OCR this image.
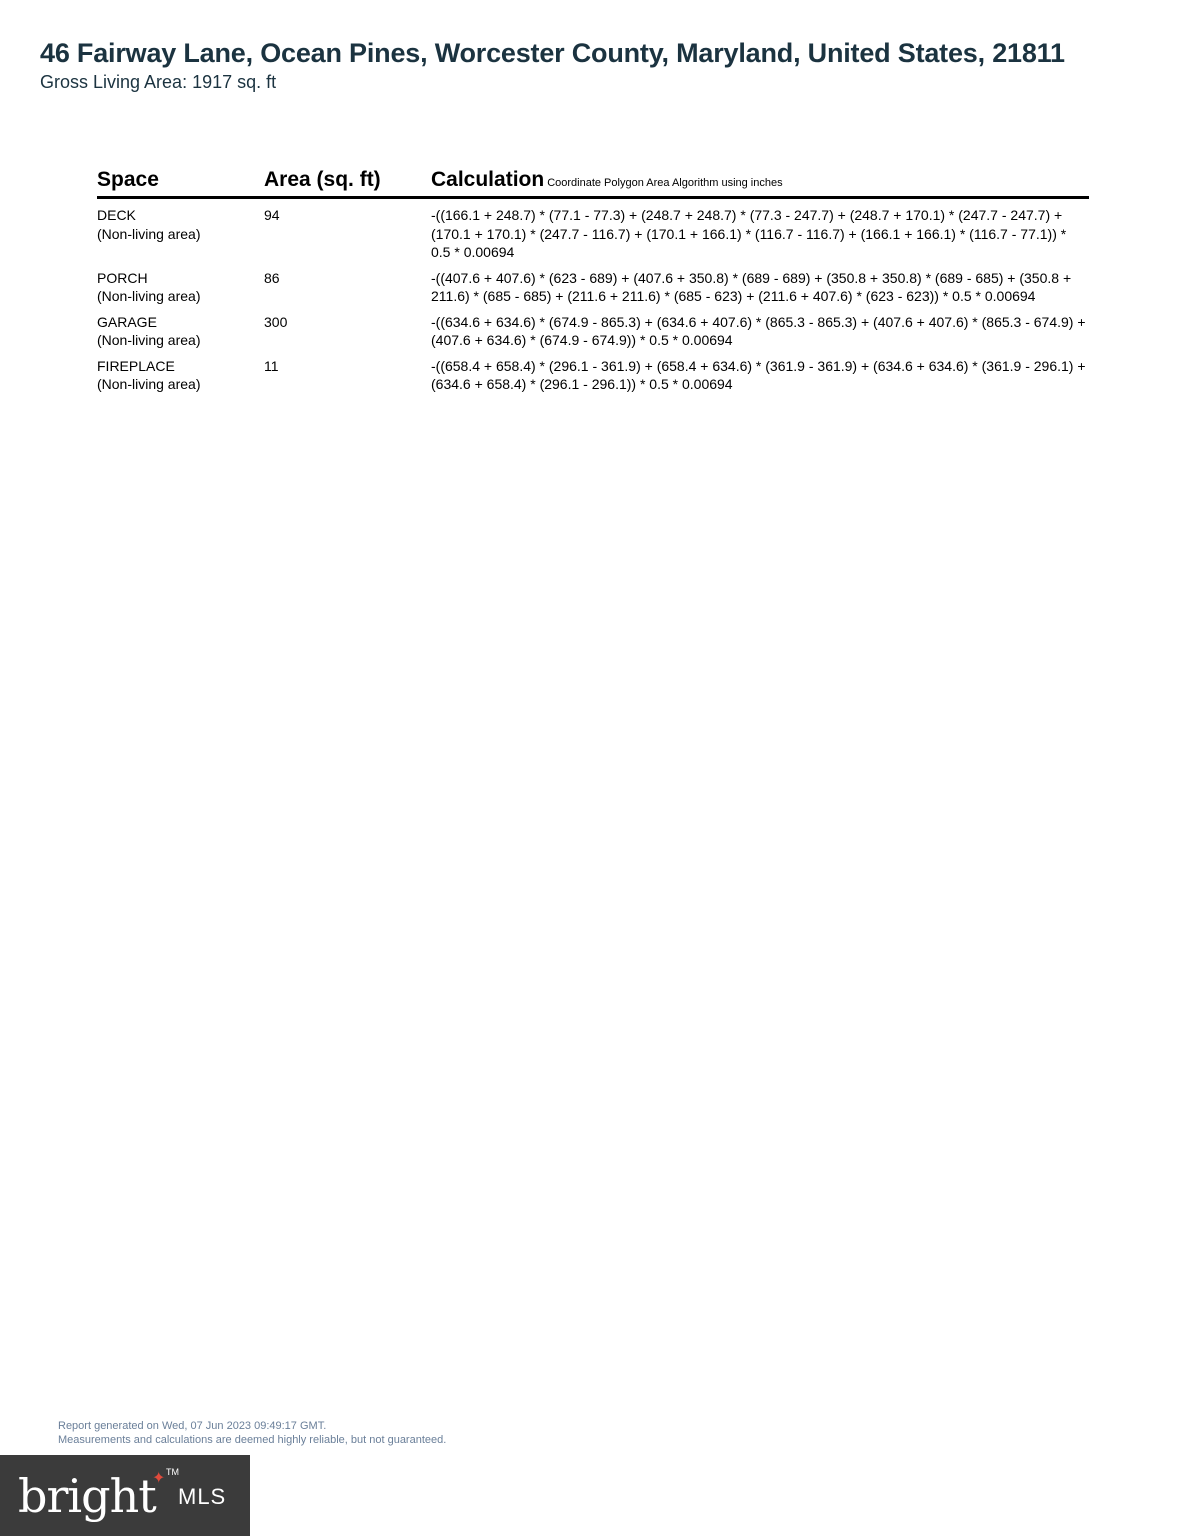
46 Fairway Lane, Ocean Pines, Worcester County, Maryland, United States, 21811
Gross Living Area: 1917 sq. ft
Space	Area (sq. ft)	Calculation Coordinate Polygon Area Algorithm using inches
DECK
(Non-living area)
94	-((166.1 + 248.7) * (77.1 - 77.3) + (248.7 + 248.7) * (77.3 - 247.7) + (248.7 + 170.1) * (247.7 - 247.7) + (170.1 + 170.1) * (247.7 - 116.7) + (170.1 + 166.1) * (116.7 - 116.7) + (166.1 + 166.1) * (116.7 - 77.1)) * 0.5 * 0.00694
PORCH
(Non-living area)
86	-((407.6 + 407.6) * (623 - 689) + (407.6 + 350.8) * (689 - 689) + (350.8 + 350.8) * (689 - 685) + (350.8 + 211.6) * (685 - 685) + (211.6 + 211.6) * (685 - 623) + (211.6 + 407.6) * (623 - 623)) * 0.5 * 0.00694
GARAGE
(Non-living area)
300	-((634.6 + 634.6) * (674.9 - 865.3) + (634.6 + 407.6) * (865.3 - 865.3) + (407.6 + 407.6) * (865.3 - 674.9) + (407.6 + 634.6) * (674.9 - 674.9)) * 0.5 * 0.00694
FIREPLACE
(Non-living area)
11	-((658.4 + 658.4) * (296.1 - 361.9) + (658.4 + 634.6) * (361.9 - 361.9) + (634.6 + 634.6) * (361.9 - 296.1) + (634.6 + 658.4) * (296.1 - 296.1)) * 0.5 * 0.00694
Report generated on Wed, 07 Jun 2023 09:49:17 GMT.
Measurements and calculations are deemed highly reliable, but not guaranteed.
bright
✦ TM
MLS
